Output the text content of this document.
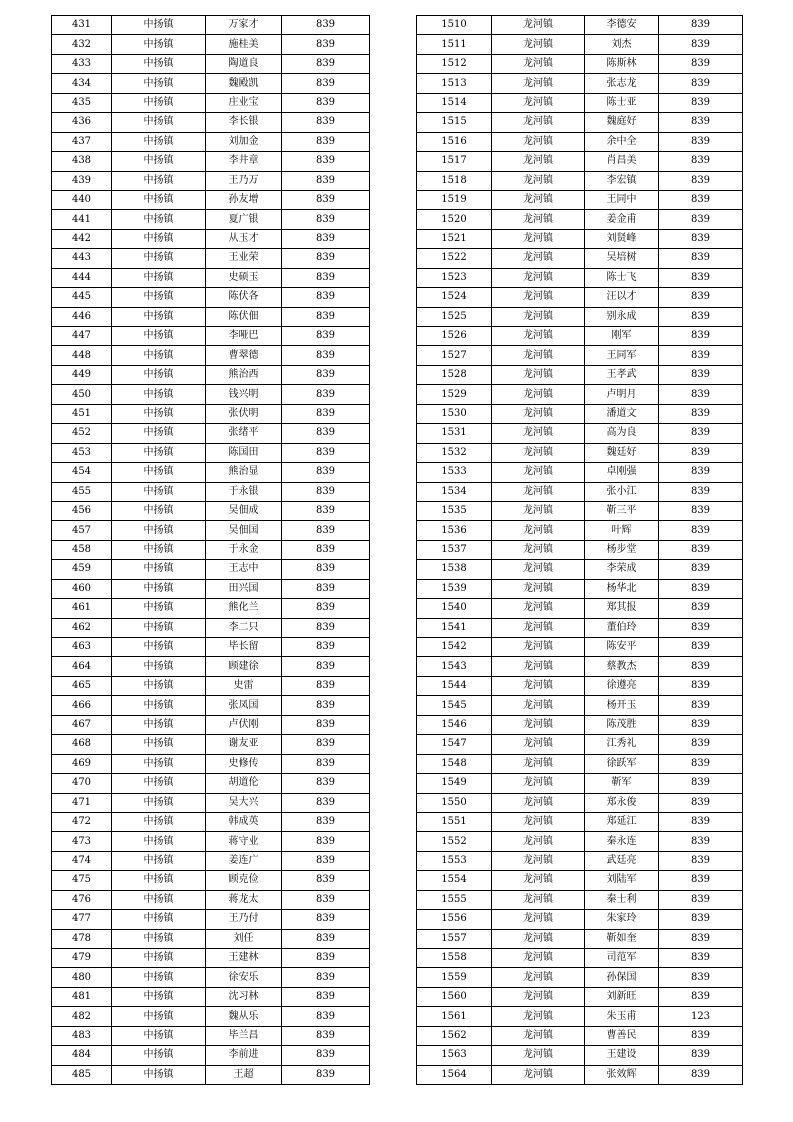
431	中扬镇	万家才	839
432	中扬镇	施桂美	839
433	中扬镇	陶道良	839
434	中扬镇	魏殿凯	839
435	中扬镇	庄业宝	839
436	中扬镇	李长银	839
437	中扬镇	刘加金	839
438	中扬镇	李井章	839
439	中扬镇	王乃万	839
440	中扬镇	孙友增	839
441	中扬镇	夏广银	839
442	中扬镇	从玉才	839
443	中扬镇	王业荣	839
444	中扬镇	史硕玉	839
445	中扬镇	陈伏各	839
446	中扬镇	陈伏佃	839
447	中扬镇	李哑巴	839
448	中扬镇	曹翠德	839
449	中扬镇	熊治西	839
450	中扬镇	钱兴明	839
451	中扬镇	张伏明	839
452	中扬镇	张绪平	839
453	中扬镇	陈国田	839
454	中扬镇	熊治显	839
455	中扬镇	于永银	839
456	中扬镇	吴佃成	839
457	中扬镇	吴佃国	839
458	中扬镇	于永金	839
459	中扬镇	王志中	839
460	中扬镇	田兴国	839
461	中扬镇	熊化兰	839
462	中扬镇	李二只	839
463	中扬镇	毕长留	839
464	中扬镇	顾建徐	839
465	中扬镇	史雷	839
466	中扬镇	张凤国	839
467	中扬镇	卢伏刚	839
468	中扬镇	谢友亚	839
469	中扬镇	史修传	839
470	中扬镇	胡道伦	839
471	中扬镇	吴大兴	839
472	中扬镇	韩成英	839
473	中扬镇	蒋守业	839
474	中扬镇	姜连广	839
475	中扬镇	顾克俭	839
476	中扬镇	蒋龙太	839
477	中扬镇	王乃付	839
478	中扬镇	刘任	839
479	中扬镇	王建林	839
480	中扬镇	徐安乐	839
481	中扬镇	沈习林	839
482	中扬镇	魏从乐	839
483	中扬镇	毕兰昌	839
484	中扬镇	李前进	839
485	中扬镇	王超	839
1510	龙河镇	李德安	839
1511	龙河镇	刘杰	839
1512	龙河镇	陈斯林	839
1513	龙河镇	张志龙	839
1514	龙河镇	陈士亚	839
1515	龙河镇	魏庭好	839
1516	龙河镇	余中全	839
1517	龙河镇	肖昌美	839
1518	龙河镇	李宏镇	839
1519	龙河镇	王同中	839
1520	龙河镇	姜金甫	839
1521	龙河镇	刘贤峰	839
1522	龙河镇	吴培树	839
1523	龙河镇	陈士飞	839
1524	龙河镇	汪以才	839
1525	龙河镇	别永成	839
1526	龙河镇	刚军	839
1527	龙河镇	王同军	839
1528	龙河镇	王孝武	839
1529	龙河镇	卢明月	839
1530	龙河镇	潘道文	839
1531	龙河镇	高为良	839
1532	龙河镇	魏廷好	839
1533	龙河镇	卓刚强	839
1534	龙河镇	张小江	839
1535	龙河镇	靳三平	839
1536	龙河镇	叶辉	839
1537	龙河镇	杨步堂	839
1538	龙河镇	李荣成	839
1539	龙河镇	杨华北	839
1540	龙河镇	郑其报	839
1541	龙河镇	董伯玲	839
1542	龙河镇	陈安平	839
1543	龙河镇	蔡教杰	839
1544	龙河镇	徐遵亮	839
1545	龙河镇	杨开玉	839
1546	龙河镇	陈茂胜	839
1547	龙河镇	江秀礼	839
1548	龙河镇	徐跃军	839
1549	龙河镇	靳军	839
1550	龙河镇	郑永俊	839
1551	龙河镇	郑延江	839
1552	龙河镇	秦永连	839
1553	龙河镇	武廷亮	839
1554	龙河镇	刘陆军	839
1555	龙河镇	秦士利	839
1556	龙河镇	朱家玲	839
1557	龙河镇	靳如奎	839
1558	龙河镇	司范军	839
1559	龙河镇	孙保国	839
1560	龙河镇	刘新旺	839
1561	龙河镇	朱玉甫	123
1562	龙河镇	曹善民	839
1563	龙河镇	王建设	839
1564	龙河镇	张效辉	839
